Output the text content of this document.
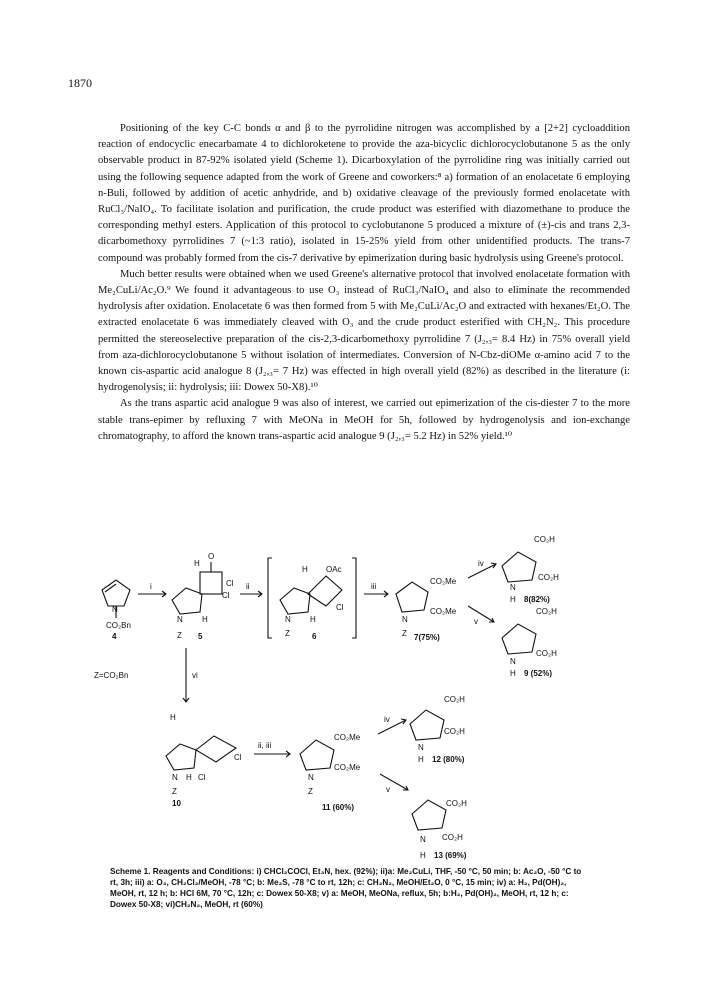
1870

Positioning of the key C-C bonds α and β to the pyrrolidine nitrogen was accomplished by a [2+2] cycloaddition reaction of endocyclic enecarbamate 4 to dichloroketene to provide the aza-bicyclic dichlorocyclobutanone 5 as the only observable product in 87-92% isolated yield (Scheme 1). Dicarboxylation of the pyrrolidine ring was initially carried out using the following sequence adapted from the work of Greene and coworkers:⁸ a) formation of an enolacetate 6 employing n-Buli, followed by addition of acetic anhydride, and b) oxidative cleavage of the previously formed enolacetate with RuCl₃/NaIO₄. To facilitate isolation and purification, the crude product was esterified with diazomethane to produce the corresponding methyl esters. Application of this protocol to cyclobutanone 5 produced a mixture of (±)-cis and trans 2,3-dicarbomethoxy pyrrolidines 7 (~1:3 ratio), isolated in 15-25% yield from other unidentified products. The trans-7 compound was probably formed from the cis-7 derivative by epimerization during basic hydrolysis using Greene's protocol.

Much better results were obtained when we used Greene's alternative protocol that involved enolacetate formation with Me₂CuLi/Ac₂O.⁹ We found it advantageous to use O₃ instead of RuCl₃/NaIO₄ and also to eliminate the recommended hydrolysis after oxidation. Enolacetate 6 was then formed from 5 with Me₂CuLi/Ac₂O and extracted with hexanes/Et₂O. The extracted enolacetate 6 was immediately cleaved with O₃ and the crude product esterified with CH₂N₂. This procedure permitted the stereoselective preparation of the cis-2,3-dicarbomethoxy pyrrolidine 7 (J₂,₃= 8.4 Hz) in 75% overall yield from aza-dichlorocyclobutanone 5 without isolation of intermediates. Conversion of N-Cbz-diOMe α-amino acid 7 to the known cis-aspartic acid analogue 8 (J₂,₃= 7 Hz) was effected in high overall yield (82%) as described in the literature (i: hydrogenolysis; ii: hydrolysis; iii: Dowex 50-X8).¹⁰

As the trans aspartic acid analogue 9 was also of interest, we carried out epimerization of the cis-diester 7 to the more stable trans-epimer by refluxing 7 with MeONa in MeOH for 5h, followed by hydrogenolysis and ion-exchange chromatography, to afford the known trans-aspartic acid analogue 9 (J₂,₃= 5.2 Hz) in 52% yield.¹⁰

N
CO₂Bn
4
Z=CO₂Bn
i
O
H
Cl
Cl
N H
Z 5
ii
OAc
H
Cl
N H
Z	6
iii
CO₂Me
CO₂Me
N
Z 7(75%)
iv
CO₂H
CO₂H
N
H 8(82%)
v
CO₂H
CO₂H
N
H 9 (52%)
vi
H
Cl
N H Cl
Z
10
ii, iii
CO₂Me
CO₂Me
N
Z
11 (60%)
iv
CO₂H
CO₂H
N
H 12 (80%)
v
CO₂H
CO₂H
N
H 13 (69%)
Scheme 1. Reagents and Conditions: i) CHCl₂COCl, Et₃N, hex. (92%); ii)a: Me₂CuLi, THF, -50 °C, 50 min; b: Ac₂O, -50 °C to rt, 3h; iii) a: O₃, CH₂Cl₂/MeOH, -78 °C; b: Me₂S, -78 °C to rt, 12h; c: CH₂N₂, MeOH/Et₂O, 0 °C, 15 min; iv) a: H₂, Pd(OH)₂, MeOH, rt, 12 h; b: HCl 6M, 70 °C, 12h; c: Dowex 50-X8; v) a: MeOH, MeONa, reflux, 5h; b:H₂, Pd(OH)₂, MeOH, rt, 12 h; c: Dowex 50-X8; vi)CH₂N₂, MeOH, rt (60%)
